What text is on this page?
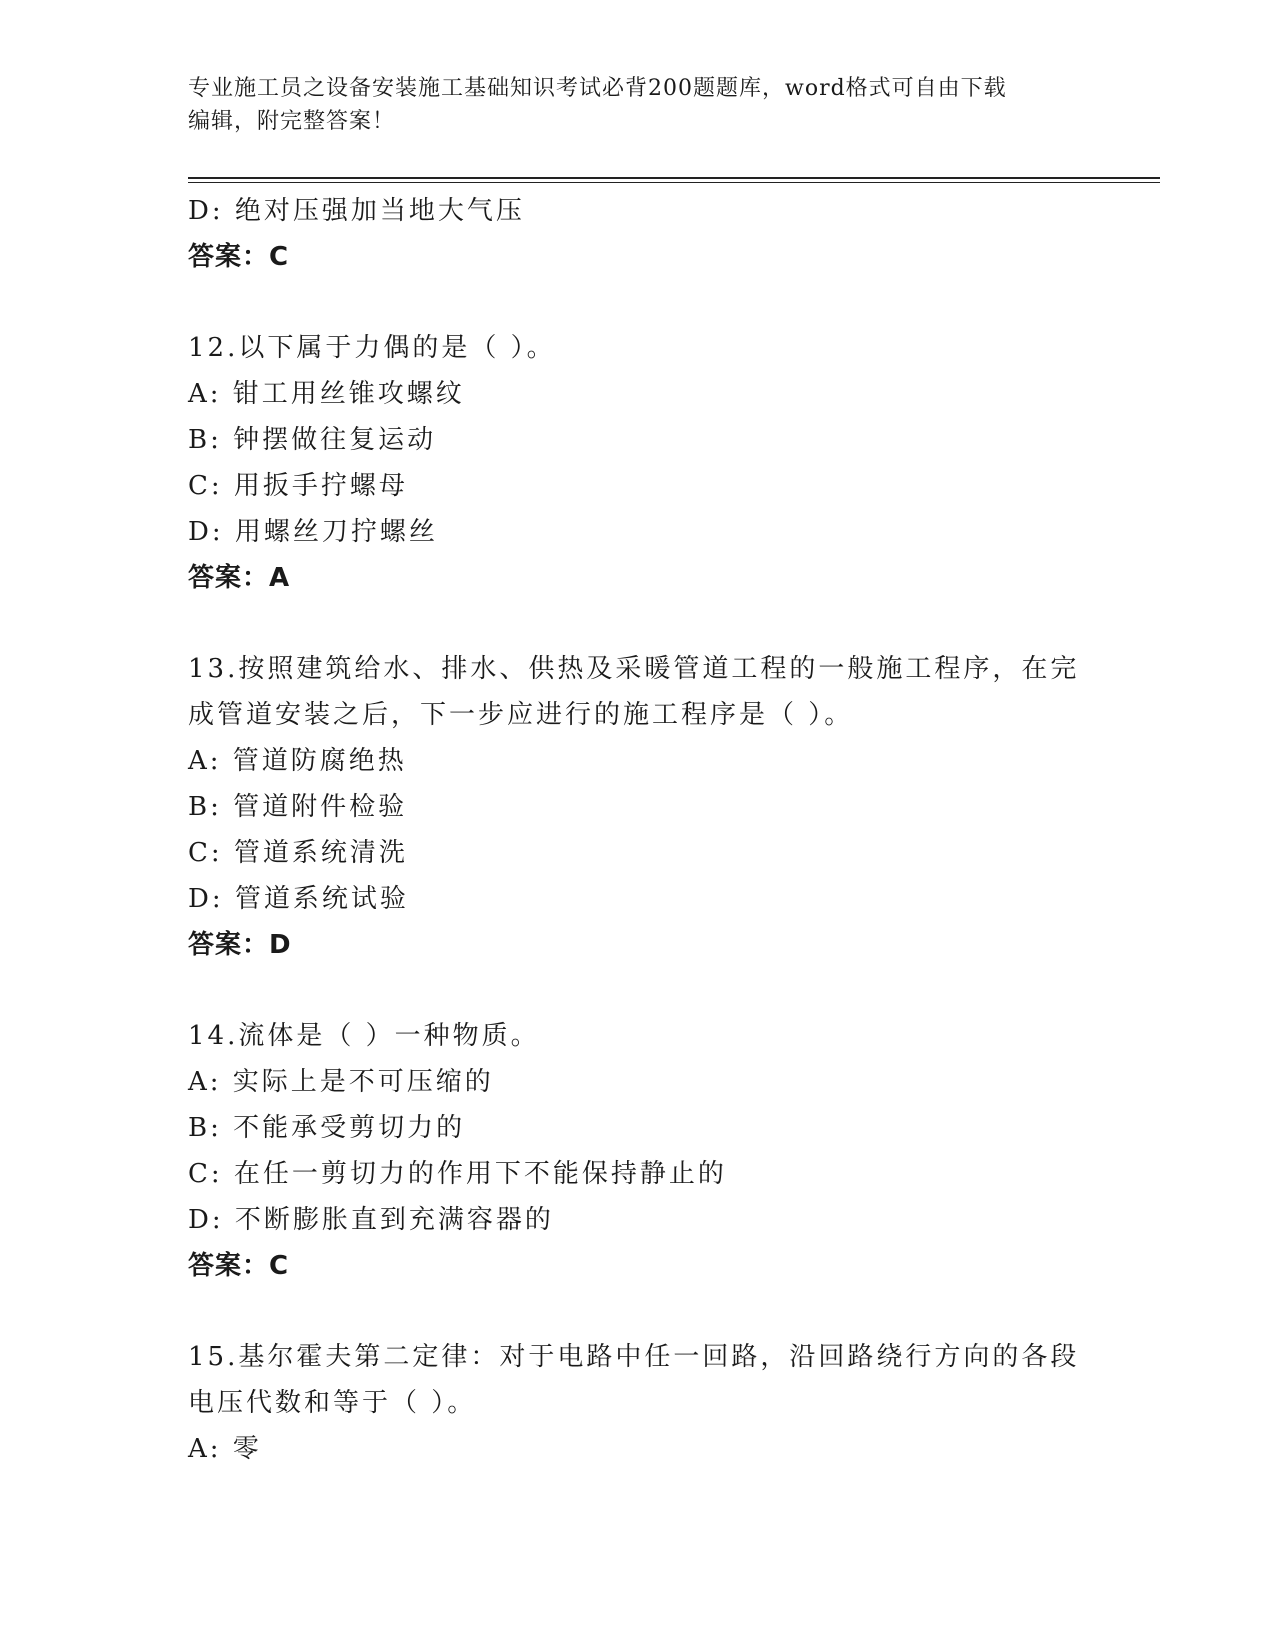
专业施工员之设备安装施工基础知识考试必背200题题库，word格式可自由下载
编辑，附完整答案！
D: 绝对压强加当地大气压
答案：C
12.以下属于力偶的是（ ）。
A: 钳工用丝锥攻螺纹
B: 钟摆做往复运动
C: 用扳手拧螺母
D: 用螺丝刀拧螺丝
答案：A
13.按照建筑给水、排水、供热及采暖管道工程的一般施工程序，在完
成管道安装之后，下一步应进行的施工程序是（ ）。
A: 管道防腐绝热
B: 管道附件检验
C: 管道系统清洗
D: 管道系统试验
答案：D
14.流体是（ ）一种物质。
A: 实际上是不可压缩的
B: 不能承受剪切力的
C: 在任一剪切力的作用下不能保持静止的
D: 不断膨胀直到充满容器的
答案：C
15.基尔霍夫第二定律：对于电路中任一回路，沿回路绕行方向的各段
电压代数和等于（ ）。
A: 零
